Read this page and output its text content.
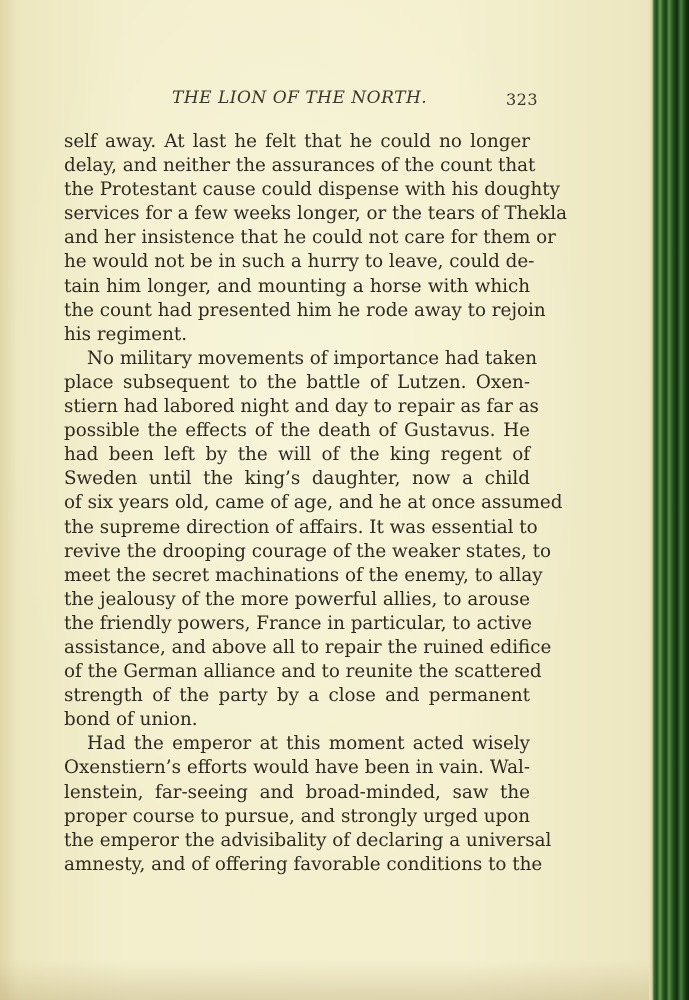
THE LION OF THE NORTH.	323
self away. At last he felt that he could no longer
delay, and neither the assurances of the count that
the Protestant cause could dispense with his doughty
services for a few weeks longer, or the tears of Thekla
and her insistence that he could not care for them or
he would not be in such a hurry to leave, could de-
tain him longer, and mounting a horse with which
the count had presented him he rode away to rejoin
his regiment.
No military movements of importance had taken
place subsequent to the battle of Lutzen. Oxen-
stiern had labored night and day to repair as far as
possible the effects of the death of Gustavus. He
had been left by the will of the king regent of
Sweden until the king’s daughter, now a child
of six years old, came of age, and he at once assumed
the supreme direction of affairs. It was essential to
revive the drooping courage of the weaker states, to
meet the secret machinations of the enemy, to allay
the jealousy of the more powerful allies, to arouse
the friendly powers, France in particular, to active
assistance, and above all to repair the ruined edifice
of the German alliance and to reunite the scattered
strength of the party by a close and permanent
bond of union.
Had the emperor at this moment acted wisely
Oxenstiern’s efforts would have been in vain. Wal-
lenstein, far-seeing and broad-minded, saw the
proper course to pursue, and strongly urged upon
the emperor the advisibality of declaring a universal
amnesty, and of offering favorable conditions to the
